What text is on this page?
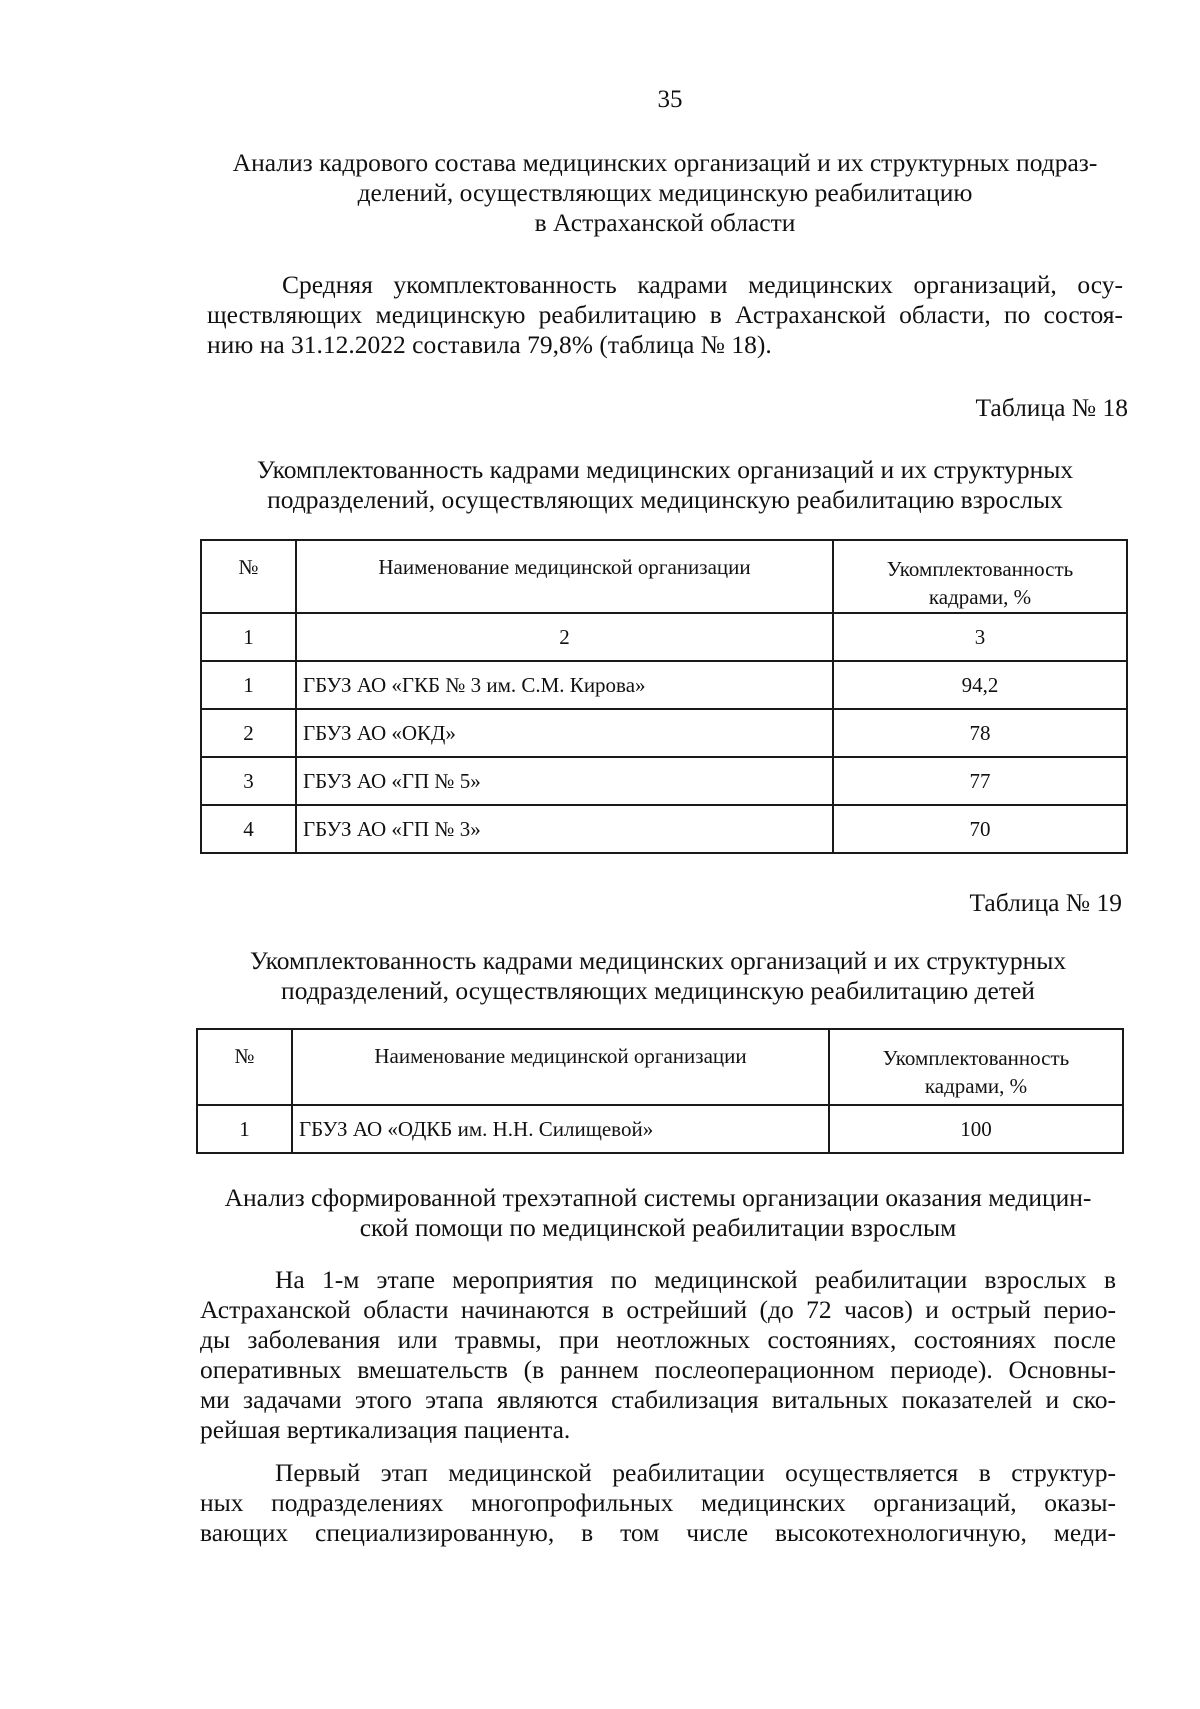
35
Анализ кадрового состава медицинских организаций и их структурных подраз-
делений, осуществляющих медицинскую реабилитацию
в Астраханской области
Средняя укомплектованность кадрами медицинских организаций, осу-
ществляющих медицинскую реабилитацию в Астраханской области, по состоя-
нию на 31.12.2022 составила 79,8% (таблица № 18).
Таблица № 18
Укомплектованность кадрами медицинских организаций и их структурных
подразделений, осуществляющих медицинскую реабилитацию взрослых
№	Наименование медицинской организации	Укомплектованность кадрами, %

1	2	3
1	ГБУЗ АО «ГКБ № 3 им. С.М. Кирова»	94,2
2	ГБУЗ АО «ОКД»	78
3	ГБУЗ АО «ГП № 5»	77
4	ГБУЗ АО «ГП № 3»	70
Таблица № 19
Укомплектованность кадрами медицинских организаций и их структурных
подразделений, осуществляющих медицинскую реабилитацию детей
№	Наименование медицинской организации	Укомплектованность кадрами, %

1	ГБУЗ АО «ОДКБ им. Н.Н. Силищевой»	100
Анализ сформированной трехэтапной системы организации оказания медицин-
ской помощи по медицинской реабилитации взрослым
На 1-м этапе мероприятия по медицинской реабилитации взрослых в
Астраханской области начинаются в острейший (до 72 часов) и острый перио-
ды заболевания или травмы, при неотложных состояниях, состояниях после
оперативных вмешательств (в раннем послеоперационном периоде). Основны-
ми задачами этого этапа являются стабилизация витальных показателей и ско-
рейшая вертикализация пациента.
Первый этап медицинской реабилитации осуществляется в структур-
ных подразделениях многопрофильных медицинских организаций, оказы-
вающих специализированную, в том числе высокотехнологичную, меди-
